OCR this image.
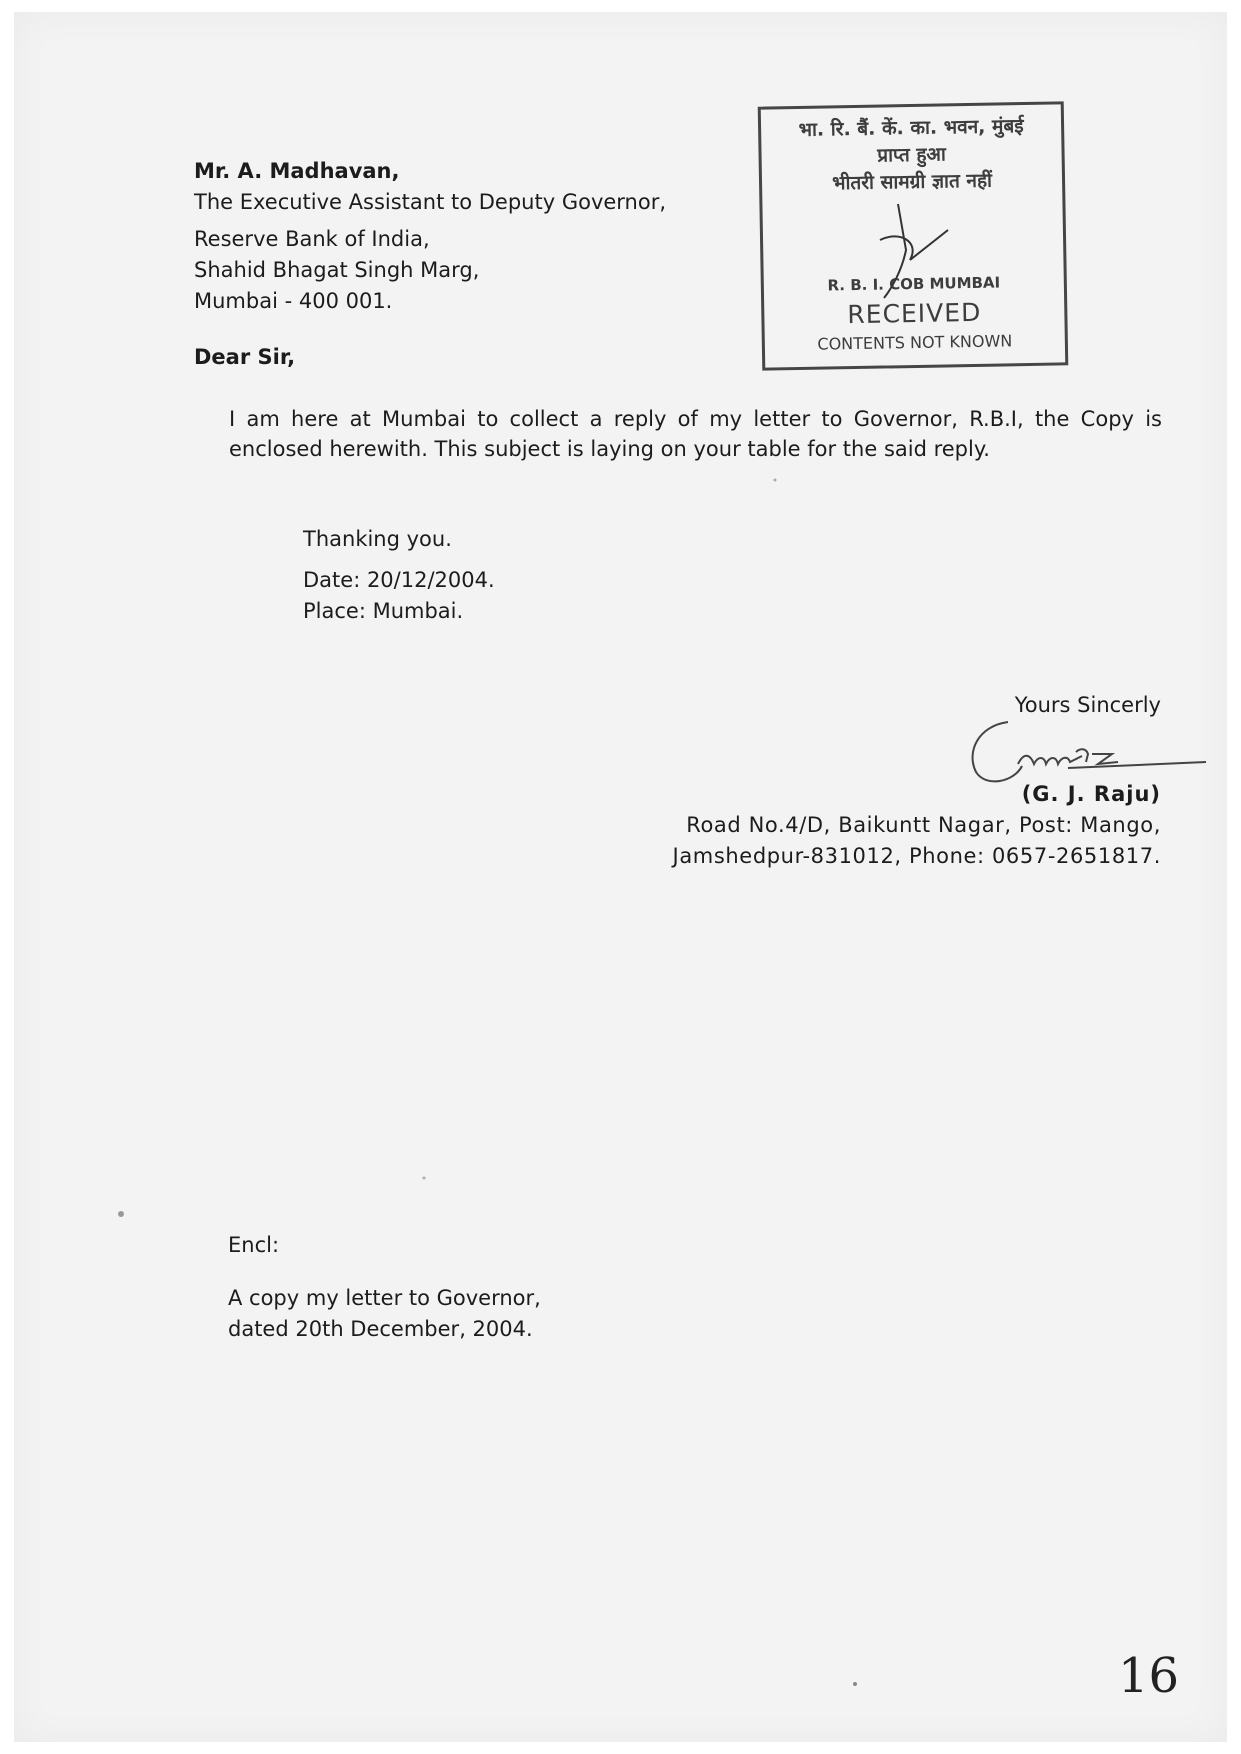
Mr. A. Madhavan,
The Executive Assistant to Deputy Governor,
Reserve Bank of India,
Shahid Bhagat Singh Marg,
Mumbai - 400 001.
Dear Sir,
I am here at Mumbai to collect a reply of my letter to Governor, R.B.I, the Copy is enclosed herewith. This subject is laying on your table for the said reply.
Thanking you.
Date: 20/12/2004.
Place: Mumbai.
Yours Sincerly
(G. J. Raju)
Road No.4/D, Baikuntt Nagar, Post: Mango,
Jamshedpur-831012, Phone: 0657-2651817.
Encl:
A copy my letter to Governor,
dated 20th December, 2004.
भा. रि. बैं. कें. का. भवन, मुंबई
प्राप्त हुआ
भीतरी सामग्री ज्ञात नहीं
R. B. I. COB MUMBAI
RECEIVED
CONTENTS NOT KNOWN
16
